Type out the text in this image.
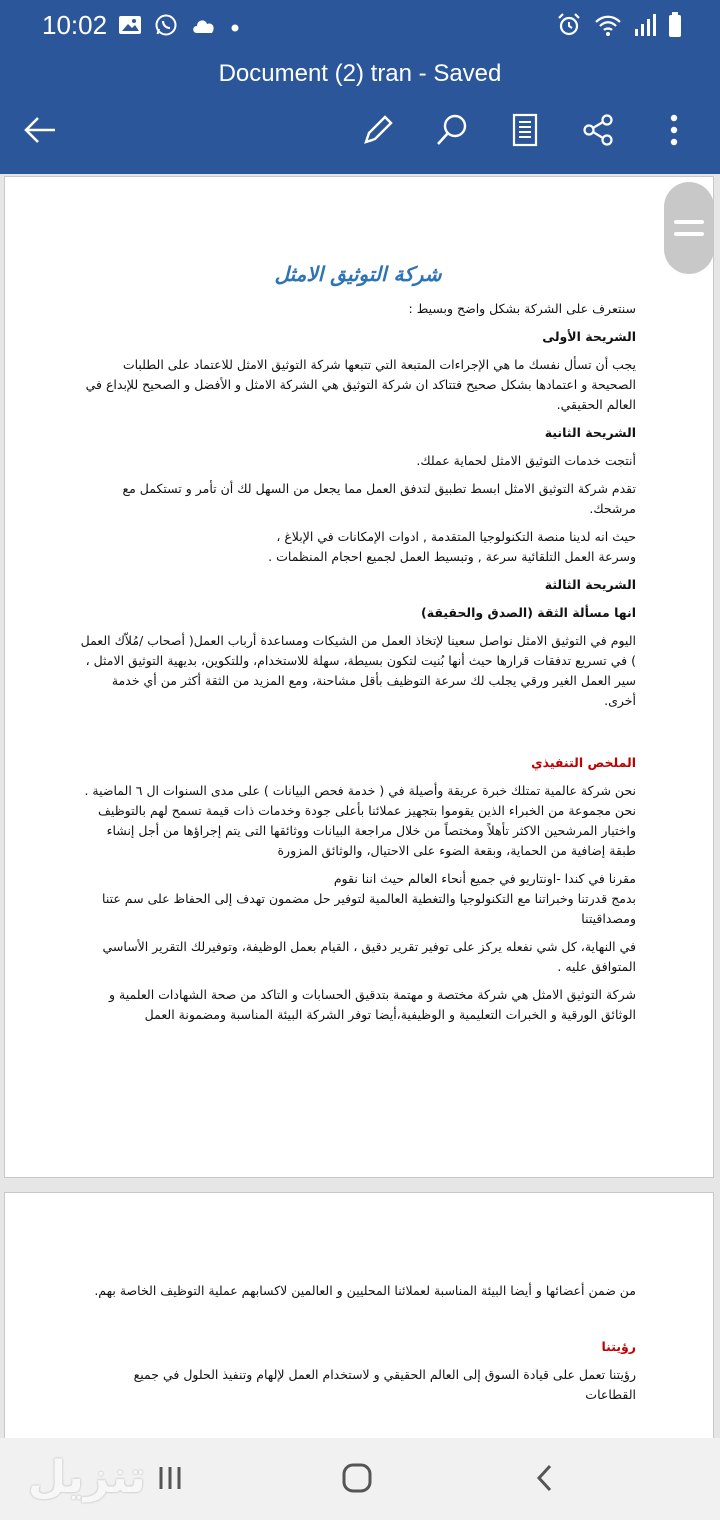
10:02
Document (2) tran - Saved
شركة التوثيق الامثل
سنتعرف على الشركة بشكل واضح وبسيط :
الشريحة الأولى
يجب أن تسأل نفسك ما هي الإجراءات المتبعة التي تتبعها شركة التوثيق الامثل للاعتماد على الطلبات الصحيحة و اعتمادها بشكل صحيح فتتاكد ان شركة التوثيق هي الشركة الامثل و الأفضل و الصحيح للإبداع في العالم الحقيقي.
الشريحة الثانية
أنتجت خدمات التوثيق الامثل لحماية عملك.
تقدم شركة التوثيق الامثل ابسط تطبيق لتدفق العمل مما يجعل من السهل لك أن تأمر و تستكمل مع مرشحك.
حيث انه لدينا منصة التكنولوجيا المتقدمة , ادوات الإمكانات في الإبلاغ ،
وسرعة العمل التلقائية سرعة , وتبسيط العمل لجميع احجام المنظمات .
الشريحة الثالثة
انها مسألة الثقة (الصدق والحقيقة)
اليوم في التوثيق الامثل نواصل سعينا لإتخاذ العمل من الشيكات ومساعدة أرباب العمل( أصحاب /مُلاّك العمل ) في تسريع تدفقات قرارها حيث أنها بُنيت لتكون بسيطة، سهلة للاستخدام، وللتكوين، بديهية التوثيق الامثل ، سير العمل الغير ورقي يجلب لك سرعة التوظيف بأقل مشاحنة، ومع المزيد من الثقة أكثر من أي خدمة أخرى.
الملخص التنفيذي
نحن شركة عالمية تمتلك خبرة عريقة وأصيلة في ( خدمة فحص البيانات ) على مدى السنوات ال ٦ الماضية . نحن مجموعة من الخبراء الذين يقوموا بتجهيز عملائنا بأعلى جودة وخدمات ذات قيمة تسمح لهم بالتوظيف واختيار المرشحين الاكثر تأهلاً ومختصاً من خلال مراجعة البيانات ووثائقها التى يتم إجراؤها من أجل إنشاء طبقة إضافية من الحماية، وبقعة الضوء على الاحتيال، والوثائق المزورة
مقرنا في كندا -اونتاريو في جميع أنحاء العالم حيث اننا نقوم
بدمج قدرتنا وخبراتنا مع التكنولوجيا والتغطية العالمية لتوفير حل مضمون تهدف إلى الحفاظ على سم عتنا ومصداقيتنا
في النهاية، كل شي نفعله يركز على توفير تقرير دقيق ، القيام بعمل الوظيفة، وتوفيرلك التقرير الأساسي المتوافق عليه .
شركة التوثيق الامثل هي شركة مختصة و مهتمة بتدقيق الحسابات و التاكد من صحة الشهادات العلمية و الوثائق الورقية و الخبرات التعليمية و الوظيفية،أيضا توفر الشركة البيئة المناسبة ومضمونة العمل
من ضمن أعضائها و أيضا البيئة المناسبة لعملائنا المحليين و العالمين لاكسابهم عملية التوظيف الخاصة بهم.
رؤيتنا
رؤيتنا تعمل على قيادة السوق إلى العالم الحقيقي و لاستخدام العمل لإلهام وتنفيذ الحلول في جميع القطاعات
تنزيل
